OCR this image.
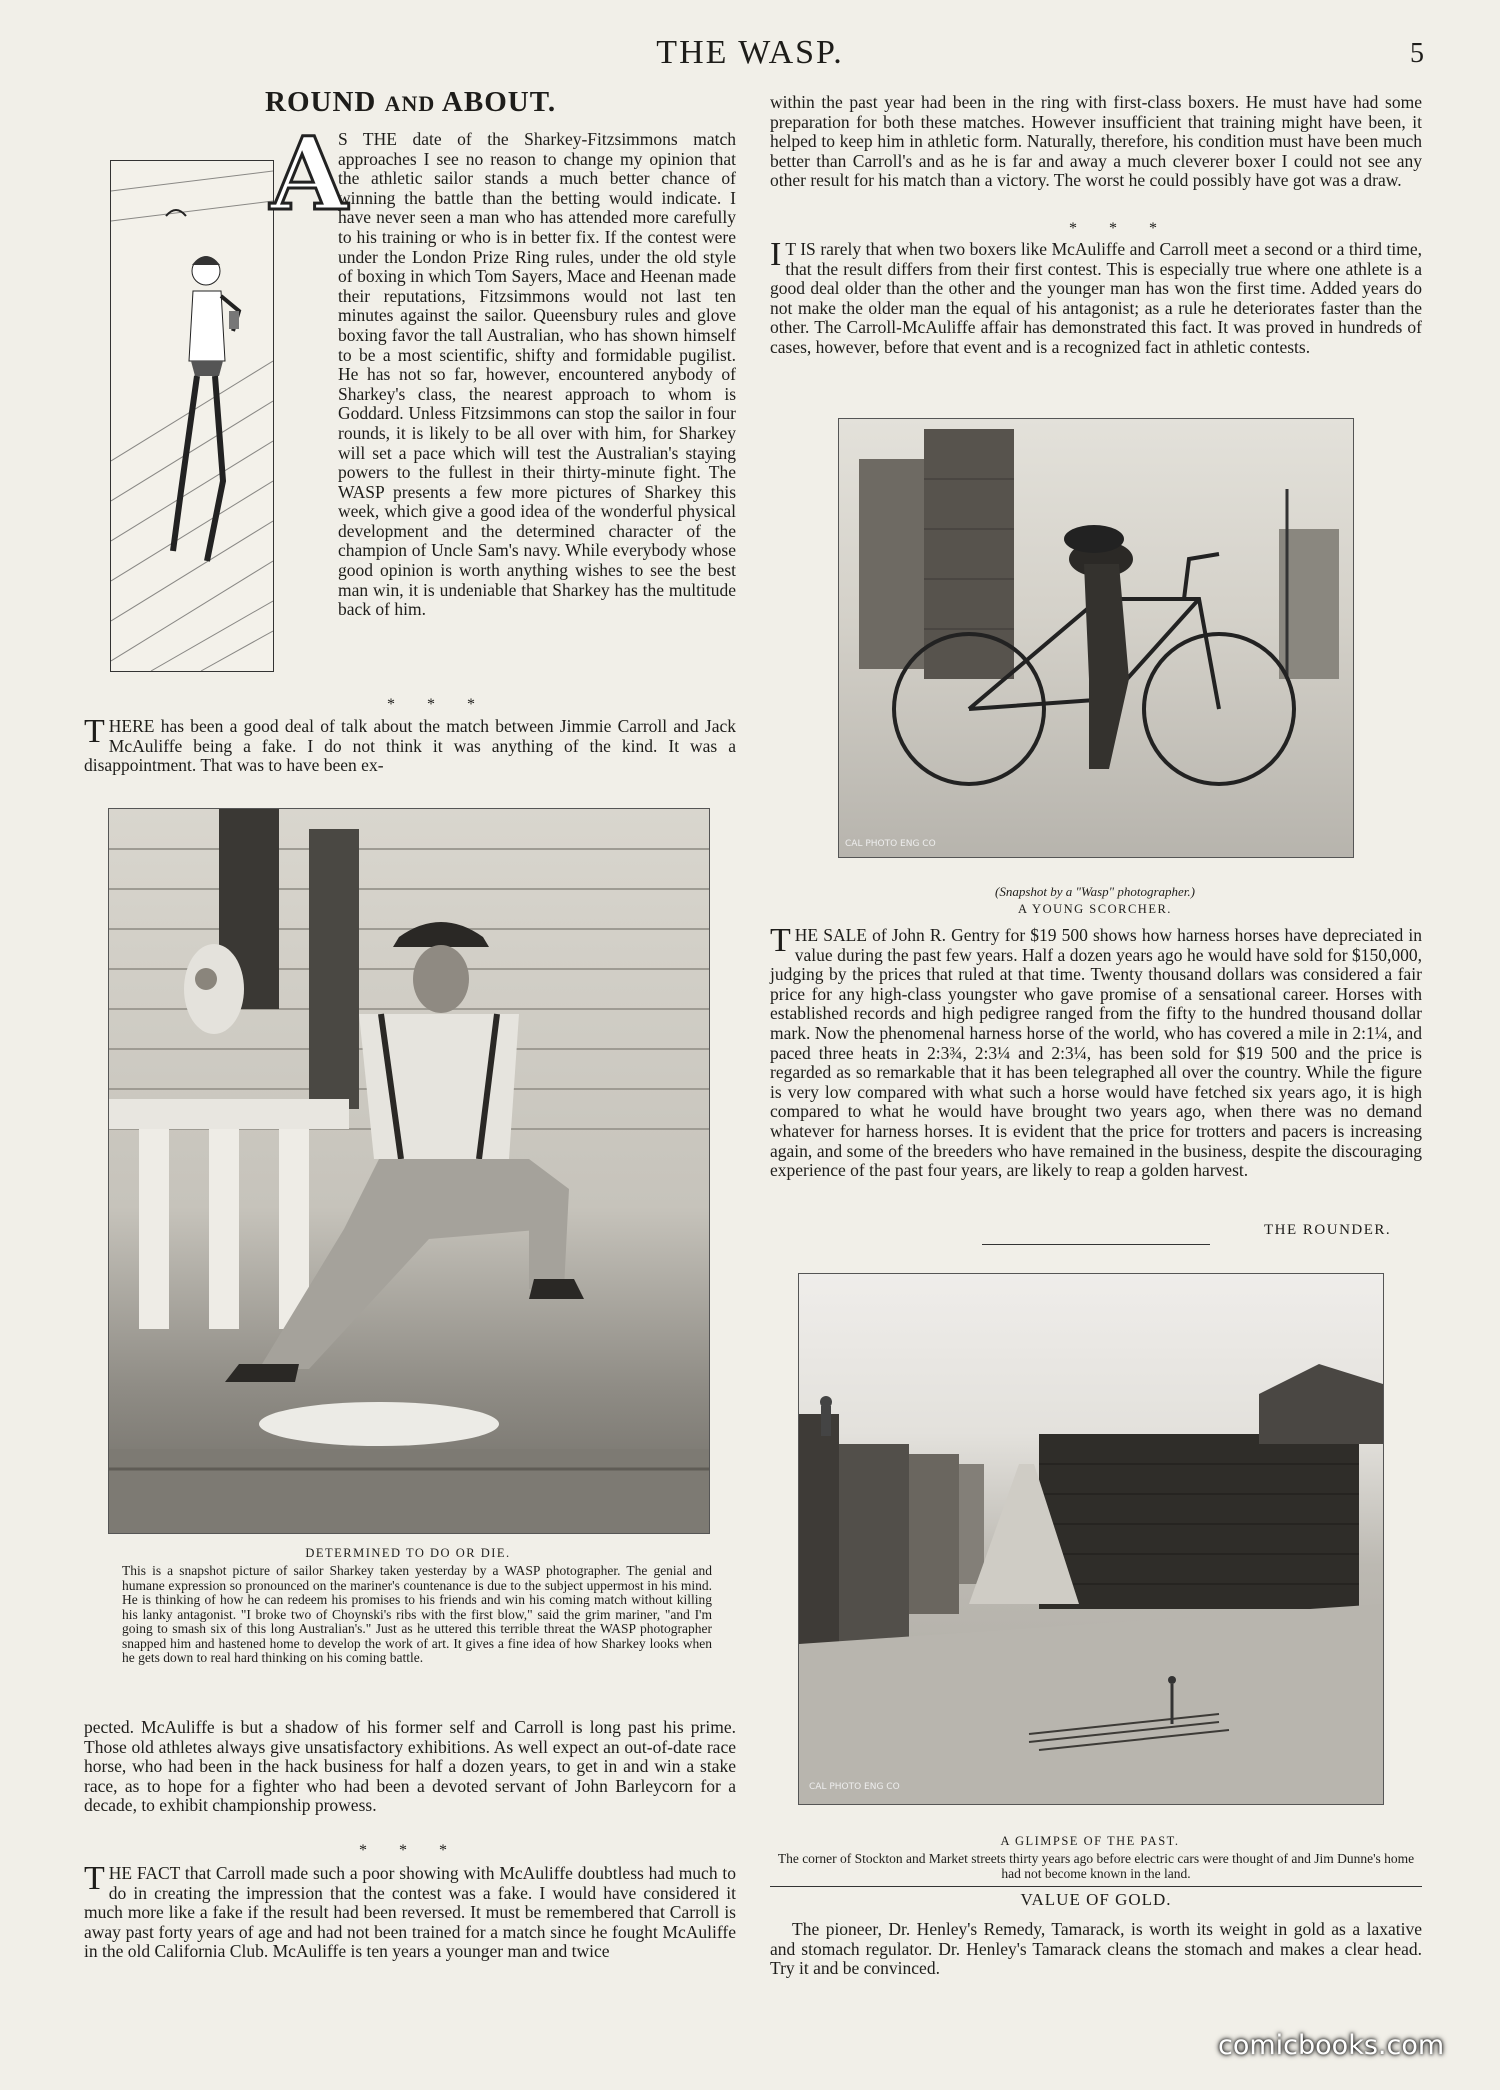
THE WASP.	5
ROUND AND ABOUT.
A

S THE date of the Sharkey-Fitzsimmons match approaches I see no reason to change my opinion that the athletic sailor stands a much better chance of winning the battle than the betting would indicate. I have never seen a man who has attended more carefully to his training or who is in better fix. If the contest were under the London Prize Ring rules, under the old style of boxing in which Tom Sayers, Mace and Heenan made their reputations, Fitzsimmons would not last ten minutes against the sailor. Queensbury rules and glove boxing favor the tall Australian, who has shown himself to be a most scientific, shifty and formidable pugilist. He has not so far, however, encountered anybody of Sharkey's class, the nearest approach to whom is Goddard. Unless Fitzsimmons can stop the sailor in four rounds, it is likely to be all over with him, for Sharkey will set a pace which will test the Australian's staying powers to the fullest in their thirty-minute fight. The WASP presents a few more pictures of Sharkey this week, which give a good idea of the wonderful physical development and the determined character of the champion of Uncle Sam's navy. While everybody whose good opinion is worth anything wishes to see the best man win, it is undeniable that Sharkey has the multitude back of him.

* * *
T HERE has been a good deal of talk about the match between Jimmie Carroll and Jack McAuliffe being a fake. I do not think it was anything of the kind. It was a disappointment. That was to have been ex-

DETERMINED TO DO OR DIE.
This is a snapshot picture of sailor Sharkey taken yesterday by a WASP photographer. The genial and humane expression so pronounced on the mariner's countenance is due to the subject uppermost in his mind. He is thinking of how he can redeem his promises to his friends and win his coming match without killing his lanky antagonist. "I broke two of Choynski's ribs with the first blow," said the grim mariner, "and I'm going to smash six of this long Australian's." Just as he uttered this terrible threat the WASP photographer snapped him and hastened home to develop the work of art. It gives a fine idea of how Sharkey looks when he gets down to real hard thinking on his coming battle.

pected. McAuliffe is but a shadow of his former self and Carroll is long past his prime. Those old athletes always give unsatisfactory exhibitions. As well expect an out-of-date race horse, who had been in the hack business for half a dozen years, to get in and win a stake race, as to hope for a fighter who had been a devoted servant of John Barleycorn for a decade, to exhibit championship prowess.

* * *
T HE FACT that Carroll made such a poor showing with McAuliffe doubtless had much to do in creating the impression that the contest was a fake. I would have considered it much more like a fake if the result had been reversed. It must be remembered that Carroll is away past forty years of age and had not been trained for a match since he fought McAuliffe in the old California Club. McAuliffe is ten years a younger man and twice

within the past year had been in the ring with first-class boxers. He must have had some preparation for both these matches. However insufficient that training might have been, it helped to keep him in athletic form. Naturally, therefore, his condition must have been much better than Carroll's and as he is far and away a much cleverer boxer I could not see any other result for his match than a victory. The worst he could possibly have got was a draw.

* * *
I T IS rarely that when two boxers like McAuliffe and Carroll meet a second or a third time, that the result differs from their first contest. This is especially true where one athlete is a good deal older than the other and the younger man has won the first time. Added years do not make the older man the equal of his antagonist; as a rule he deteriorates faster than the other. The Carroll-McAuliffe affair has demonstrated this fact. It was proved in hundreds of cases, however, before that event and is a recognized fact in athletic contests.

CAL PHOTO ENG CO
(Snapshot by a "Wasp" photographer.)
A YOUNG SCORCHER.
T HE SALE of John R. Gentry for $19 500 shows how harness horses have depreciated in value during the past few years. Half a dozen years ago he would have sold for $150,000, judging by the prices that ruled at that time. Twenty thousand dollars was considered a fair price for any high-class youngster who gave promise of a sensational career. Horses with established records and high pedigree ranged from the fifty to the hundred thousand dollar mark. Now the phenomenal harness horse of the world, who has covered a mile in 2:1¼, and paced three heats in 2:3¾, 2:3¼ and 2:3¼, has been sold for $19 500 and the price is regarded as so remarkable that it has been telegraphed all over the country. While the figure is very low compared with what such a horse would have fetched six years ago, it is high compared to what he would have brought two years ago, when there was no demand whatever for harness horses. It is evident that the price for trotters and pacers is increasing again, and some of the breeders who have remained in the business, despite the discouraging experience of the past four years, are likely to reap a golden harvest.

THE ROUNDER.
CAL PHOTO ENG CO
A GLIMPSE OF THE PAST.
The corner of Stockton and Market streets thirty years ago before electric cars were thought of and Jim Dunne's home had not become known in the land.
VALUE OF GOLD.

The pioneer, Dr. Henley's Remedy, Tamarack, is worth its weight in gold as a laxative and stomach regulator. Dr. Henley's Tamarack cleans the stomach and makes a clear head. Try it and be convinced.

comicbooks.com
